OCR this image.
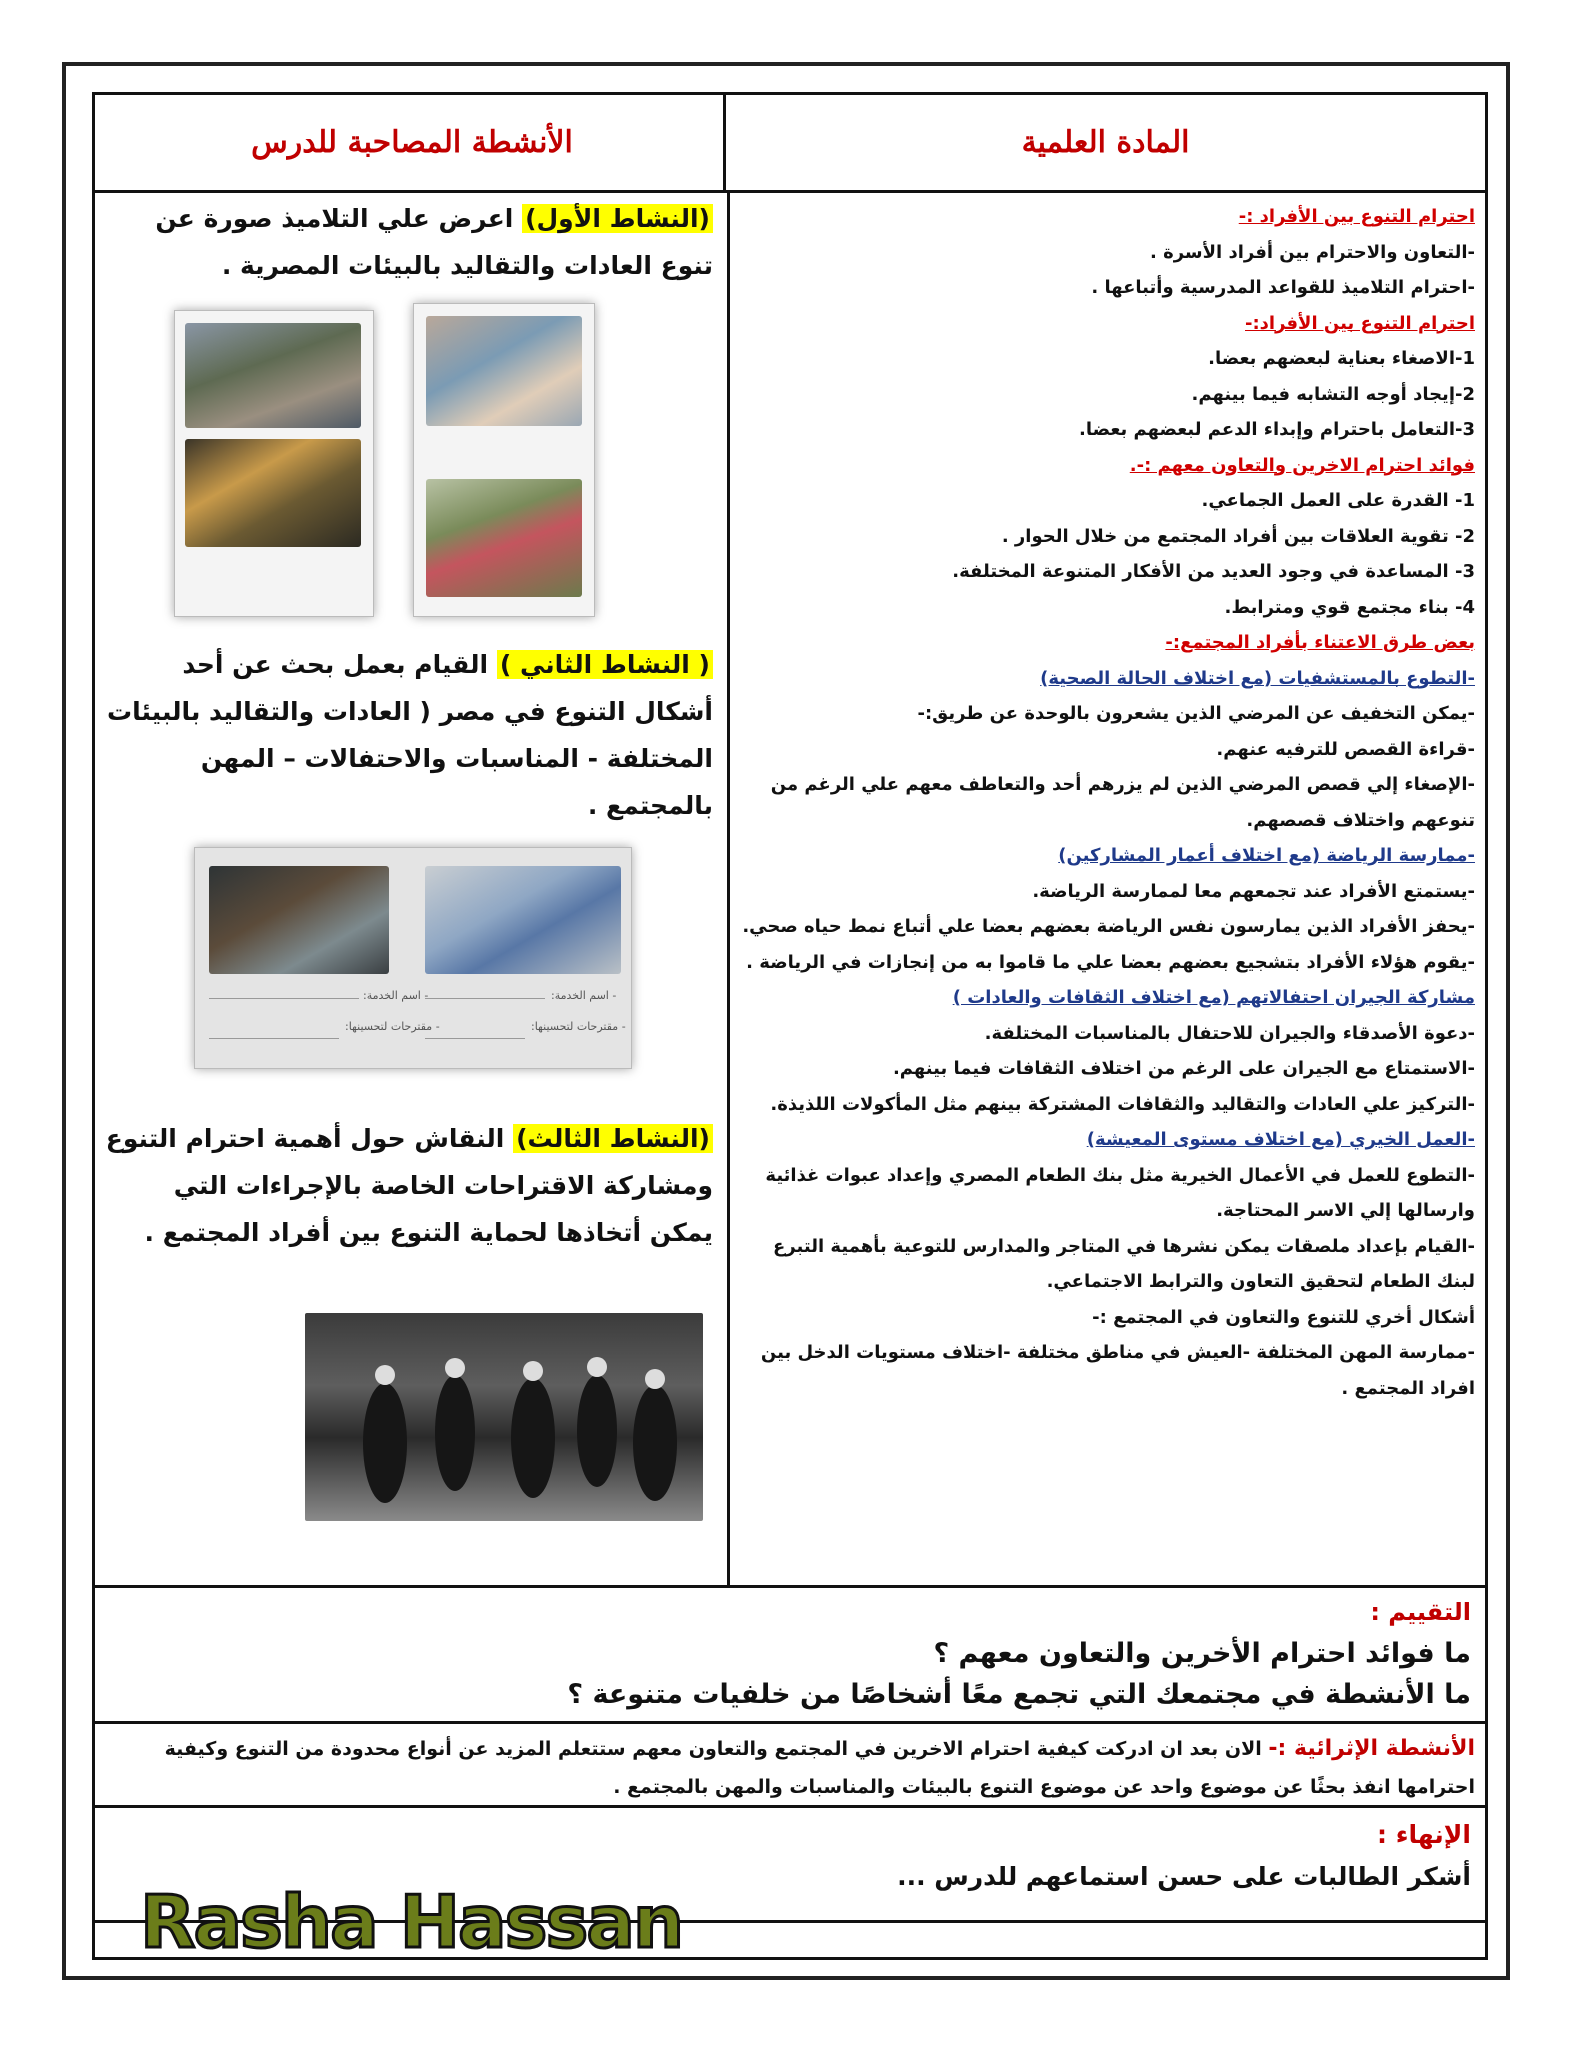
المادة العلمية
الأنشطة المصاحبة للدرس
احترام التنوع بين الأفراد :-
-التعاون والاحترام بين أفراد الأسرة .
-احترام التلاميذ للقواعد المدرسية وأتباعها .
احترام التنوع بين الأفراد:-
1-الاصغاء بعناية لبعضهم بعضا.
2-إيجاد أوجه التشابه فيما بينهم.
3-التعامل باحترام وإبداء الدعم لبعضهم بعضا.
فوائد احترام الاخرين والتعاون معهم :-.
1- القدرة على العمل الجماعي.
2- تقوية العلاقات بين أفراد المجتمع من خلال الحوار .
3- المساعدة في وجود العديد من الأفكار المتنوعة المختلفة.
4- بناء مجتمع قوي ومترابط.
بعض طرق الاعتناء بأفراد المجتمع:-
-التطوع بالمستشفيات (مع اختلاف الحالة الصحية)
-يمكن التخفيف عن المرضي الذين يشعرون بالوحدة عن طريق:-
-قراءة القصص للترفيه عنهم.
-الإصغاء إلي قصص المرضي الذين لم يزرهم أحد والتعاطف معهم علي الرغم من تنوعهم واختلاف قصصهم.
-ممارسة الرياضة (مع اختلاف أعمار المشاركين)
-يستمتع الأفراد عند تجمعهم معا لممارسة الرياضة.
-يحفز الأفراد الذين يمارسون نفس الرياضة بعضهم بعضا علي أتباع نمط حياه صحي.
-يقوم هؤلاء الأفراد بتشجيع بعضهم بعضا علي ما قاموا به من إنجازات في الرياضة .
مشاركة الجيران احتفالاتهم (مع اختلاف الثقافات والعادات )
-دعوة الأصدقاء والجيران للاحتفال بالمناسبات المختلفة.
-الاستمتاع مع الجيران على الرغم من اختلاف الثقافات فيما بينهم.
-التركيز علي العادات والتقاليد والثقافات المشتركة بينهم مثل المأكولات اللذيذة.
-العمل الخيري (مع اختلاف مستوى المعيشة)
-التطوع للعمل في الأعمال الخيرية مثل بنك الطعام المصري وإعداد عبوات غذائية وارسالها إلي الاسر المحتاجة.
-القيام بإعداد ملصقات يمكن نشرها في المتاجر والمدارس للتوعية بأهمية التبرع لبنك الطعام لتحقيق التعاون والترابط الاجتماعي.
أشكال أخري للتنوع والتعاون في المجتمع :-
-ممارسة المهن المختلفة -العيش في مناطق مختلفة -اختلاف مستويات الدخل بين افراد المجتمع .

(النشاط الأول) اعرض علي التلاميذ صورة عن تنوع العادات والتقاليد بالبيئات المصرية .

( النشاط الثاني ) القيام بعمل بحث عن أحد أشكال التنوع في مصر ( العادات والتقاليد بالبيئات المختلفة - المناسبات والاحتفالات – المهن بالمجتمع .

- اسم الخدمة:	- اسم الخدمة:
- مقترحات لتحسينها:	- مقترحات لتحسينها:

(النشاط الثالث) النقاش حول أهمية احترام التنوع ومشاركة الاقتراحات الخاصة بالإجراءات التي يمكن أتخاذها لحماية التنوع بين أفراد المجتمع .

التقييم :
ما فوائد احترام الأخرين والتعاون معهم ؟
ما الأنشطة في مجتمعك التي تجمع معًا أشخاصًا من خلفيات متنوعة ؟
الأنشطة الإثرائية :- الان بعد ان ادركت كيفية احترام الاخرين في المجتمع والتعاون معهم ستتعلم المزيد عن أنواع محدودة من التنوع وكيفية احترامها انفذ بحثًا عن موضوع واحد عن موضوع التنوع بالبيئات والمناسبات والمهن بالمجتمع .
الإنهاء :
أشكر الطالبات على حسن استماعهم للدرس ...
Rasha Hassan
